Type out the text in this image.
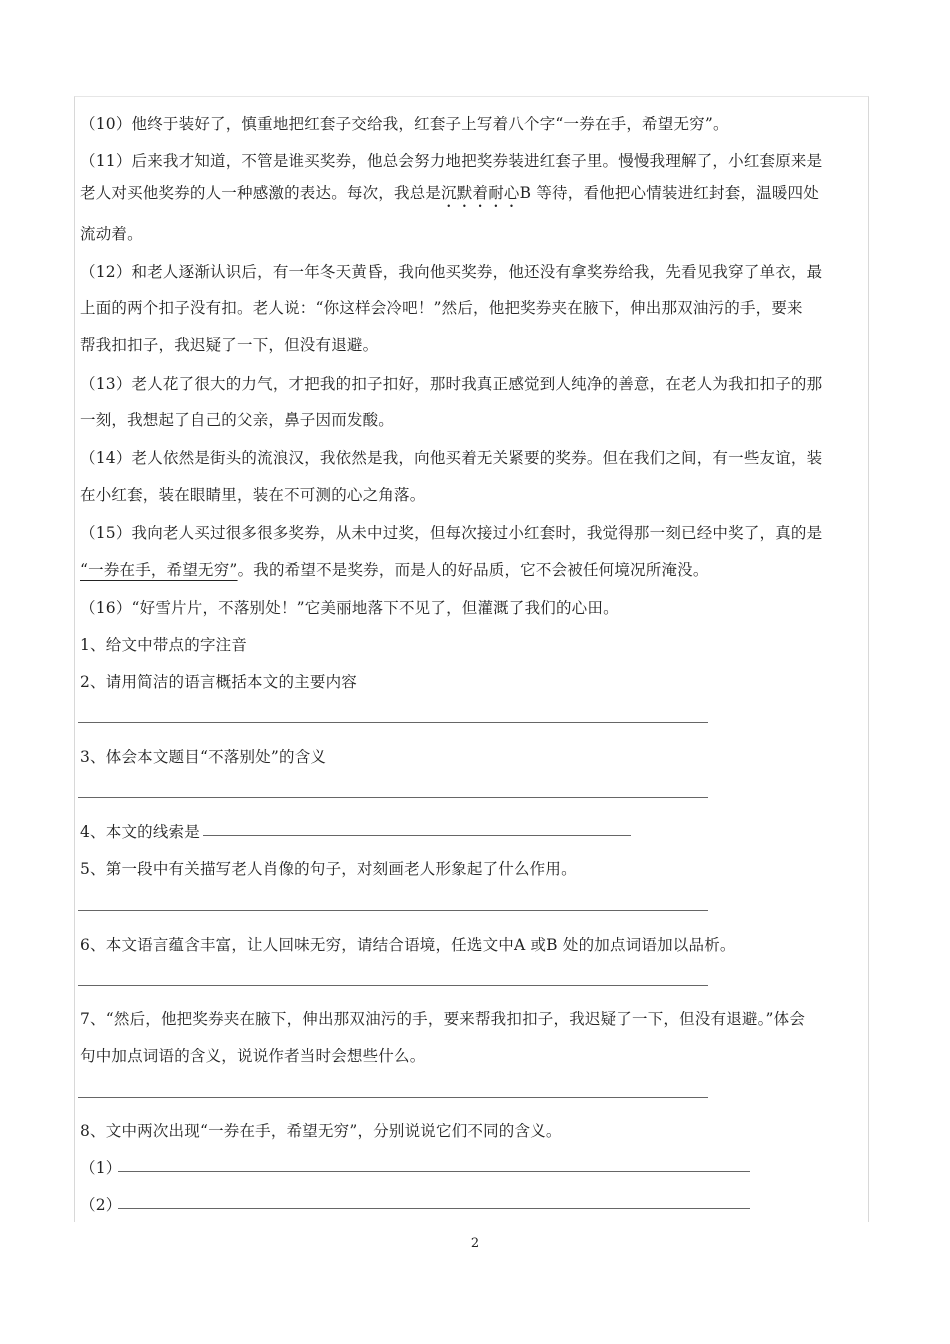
（10）他终于装好了，慎重地把红套子交给我，红套子上写着八个字“一券在手，希望无穷”。
（11）后来我才知道，不管是谁买奖券，他总会努力地把奖券装进红套子里。慢慢我理解了，小红套原来是
老人对买他奖券的人一种感激的表达。每次，我总是沉默着耐心B 等待，看他把心情装进红封套，温暖四处
流动着。
（12）和老人逐渐认识后，有一年冬天黄昏，我向他买奖券，他还没有拿奖券给我，先看见我穿了单衣，最
上面的两个扣子没有扣。老人说：“你这样会冷吧！”然后，他把奖券夹在腋下，伸出那双油污的手，要来
帮我扣扣子，我迟疑了一下，但没有退避。
（13）老人花了很大的力气，才把我的扣子扣好，那时我真正感觉到人纯净的善意，在老人为我扣扣子的那
一刻，我想起了自己的父亲，鼻子因而发酸。
（14）老人依然是街头的流浪汉，我依然是我，向他买着无关紧要的奖券。但在我们之间，有一些友谊，装
在小红套，装在眼睛里，装在不可测的心之角落。
（15）我向老人买过很多很多奖券，从未中过奖，但每次接过小红套时，我觉得那一刻已经中奖了，真的是
“一券在手，希望无穷”。我的希望不是奖券，而是人的好品质，它不会被任何境况所淹没。
（16）“好雪片片，不落别处！”它美丽地落下不见了，但灌溉了我们的心田。
1、给文中带点的字注音
2、请用简洁的语言概括本文的主要内容
3、体会本文题目“不落别处”的含义
4、本文的线索是
5、第一段中有关描写老人肖像的句子，对刻画老人形象起了什么作用。
6、本文语言蕴含丰富，让人回味无穷，请结合语境，任选文中A 或B 处的加点词语加以品析。
7、“然后，他把奖券夹在腋下，伸出那双油污的手，要来帮我扣扣子，我迟疑了一下，但没有退避。”体会
句中加点词语的含义，说说作者当时会想些什么。
8、文中两次出现“一券在手，希望无穷”，分别说说它们不同的含义。
（1）
（2）
2
